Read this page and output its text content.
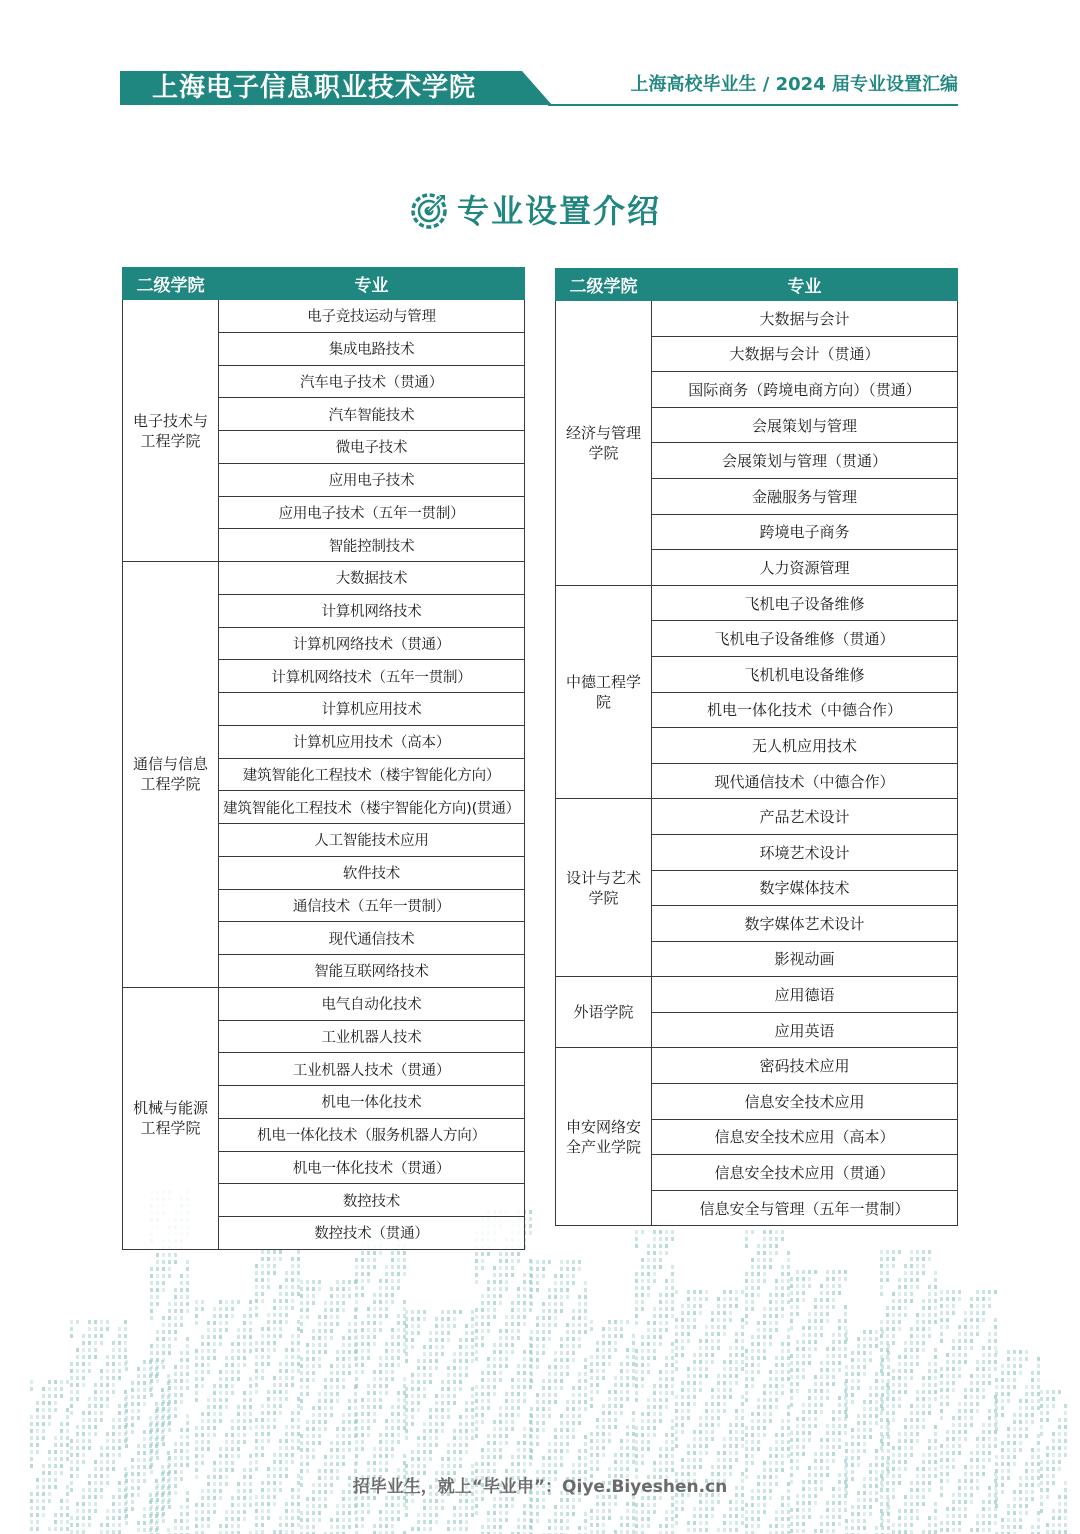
上海电子信息职业技术学院	上海高校毕业生 / 2024 届专业设置汇编
专业设置介绍
二级学院	专业
电子技术与工程学院	电子竞技运动与管理
	集成电路技术
	汽车电子技术（贯通）
	汽车智能技术
	微电子技术
	应用电子技术
	应用电子技术（五年一贯制）
	智能控制技术
通信与信息工程学院	大数据技术
	计算机网络技术
	计算机网络技术（贯通）
	计算机网络技术（五年一贯制）
	计算机应用技术
	计算机应用技术（高本）
	建筑智能化工程技术（楼宇智能化方向）
	建筑智能化工程技术（楼宇智能化方向)(贯通）
	人工智能技术应用
	软件技术
	通信技术（五年一贯制）
	现代通信技术
	智能互联网络技术
机械与能源工程学院	电气自动化技术
	工业机器人技术
	工业机器人技术（贯通）
	机电一体化技术
	机电一体化技术（服务机器人方向）
	机电一体化技术（贯通）
	数控技术
	数控技术（贯通）
二级学院	专业
经济与管理学院	大数据与会计
	大数据与会计（贯通）
	国际商务（跨境电商方向）（贯通）
	会展策划与管理
	会展策划与管理（贯通）
	金融服务与管理
	跨境电子商务
	人力资源管理
中德工程学院	飞机电子设备维修
	飞机电子设备维修（贯通）
	飞机机电设备维修
	机电一体化技术（中德合作）
	无人机应用技术
	现代通信技术（中德合作）
设计与艺术学院	产品艺术设计
	环境艺术设计
	数字媒体技术
	数字媒体艺术设计
	影视动画
外语学院	应用德语
	应用英语
申安网络安全产业学院	密码技术应用
	信息安全技术应用
	信息安全技术应用（高本）
	信息安全技术应用（贯通）
	信息安全与管理（五年一贯制）
招毕业生，就上“毕业申”：Qiye.Biyeshen.cn
